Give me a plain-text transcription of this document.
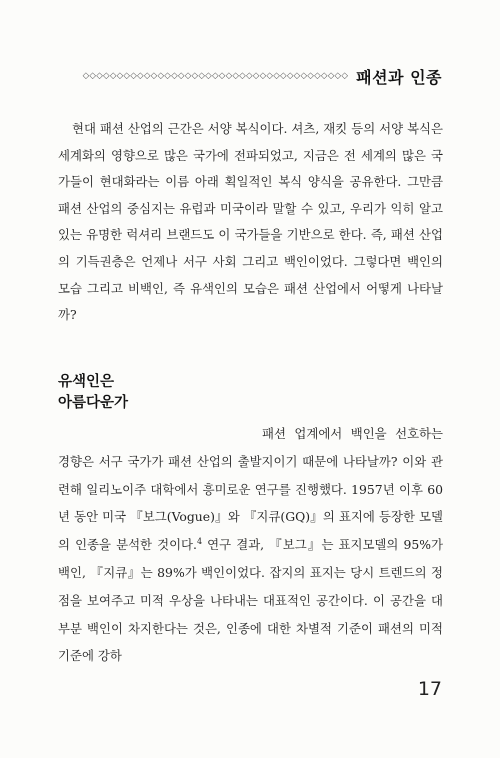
◇◇◇◇◇◇◇◇◇◇◇◇◇◇◇◇◇◇◇◇◇◇◇◇◇◇◇◇◇◇◇◇◇◇◇◇◇◇◇ 패션과 인종

현대 패션 산업의 근간은 서양 복식이다. 셔츠, 재킷 등의 서양 복식은 세계화의 영향으로 많은 국가에 전파되었고, 지금은 전 세계의 많은 국가들이 현대화라는 이름 아래 획일적인 복식 양식을 공유한다. 그만큼 패션 산업의 중심지는 유럽과 미국이라 말할 수 있고, 우리가 익히 알고 있는 유명한 럭셔리 브랜드도 이 국가들을 기반으로 한다. 즉, 패션 산업의 기득권층은 언제나 서구 사회 그리고 백인이었다. 그렇다면 백인의 모습 그리고 비백인, 즉 유색인의 모습은 패션 산업에서 어떻게 나타날까?

유색인은
아름다운가

패션 업계에서 백인을 선호하는 경향은 서구 국가가 패션 산업의 출발지이기 때문에 나타날까? 이와 관련해 일리노이주 대학에서 흥미로운 연구를 진행했다. 1957년 이후 60년 동안 미국 『보그(Vogue)』와 『지큐(GQ)』의 표지에 등장한 모델의 인종을 분석한 것이다.$^4$ 연구 결과, 『보그』는 표지모델의 95%가 백인, 『지큐』는 89%가 백인이었다. 잡지의 표지는 당시 트렌드의 정점을 보여주고 미적 우상을 나타내는 대표적인 공간이다. 이 공간을 대부분 백인이 차지한다는 것은, 인종에 대한 차별적 기준이 패션의 미적 기준에 강하

17
